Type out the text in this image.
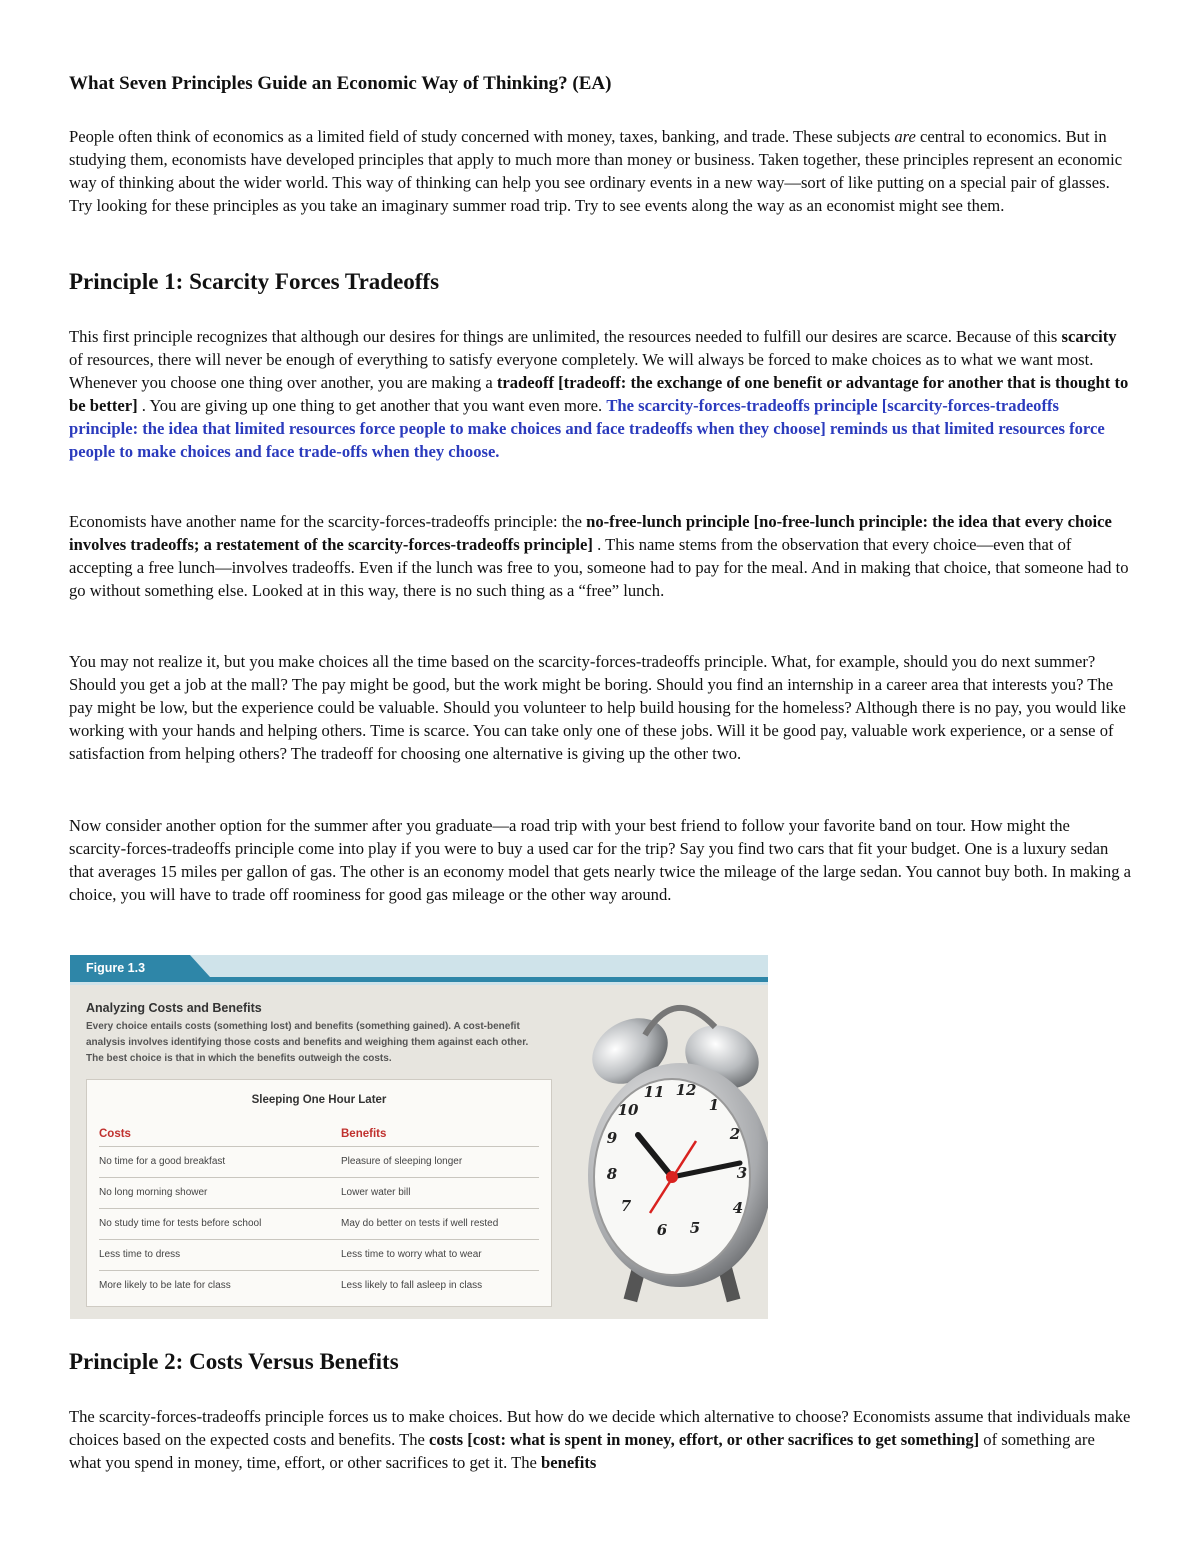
What Seven Principles Guide an Economic Way of Thinking? (EA)

People often think of economics as a limited field of study concerned with money, taxes, banking, and trade. These subjects are central to economics. But in studying them, economists have developed principles that apply to much more than money or business. Taken together, these principles represent an economic way of thinking about the wider world. This way of thinking can help you see ordinary events in a new way—sort of like putting on a special pair of glasses. Try looking for these principles as you take an imaginary summer road trip. Try to see events along the way as an economist might see them.

Principle 1: Scarcity Forces Tradeoffs

This first principle recognizes that although our desires for things are unlimited, the resources needed to fulfill our desires are scarce. Because of this scarcity of resources, there will never be enough of everything to satisfy everyone completely. We will always be forced to make choices as to what we want most. Whenever you choose one thing over another, you are making a tradeoff [tradeoff: the exchange of one benefit or advantage for another that is thought to be better] . You are giving up one thing to get another that you want even more. The scarcity-forces-tradeoffs principle [scarcity-forces-tradeoffs principle: the idea that limited resources force people to make choices and face tradeoffs when they choose] reminds us that limited resources force people to make choices and face trade-offs when they choose.

Economists have another name for the scarcity-forces-tradeoffs principle: the no-free-lunch principle [no-free-lunch principle: the idea that every choice involves tradeoffs; a restatement of the scarcity-forces-tradeoffs principle] . This name stems from the observation that every choice—even that of accepting a free lunch—involves tradeoffs. Even if the lunch was free to you, someone had to pay for the meal. And in making that choice, that someone had to go without something else. Looked at in this way, there is no such thing as a “free” lunch.

You may not realize it, but you make choices all the time based on the scarcity-forces-tradeoffs principle. What, for example, should you do next summer? Should you get a job at the mall? The pay might be good, but the work might be boring. Should you find an internship in a career area that interests you? The pay might be low, but the experience could be valuable. Should you volunteer to help build housing for the homeless? Although there is no pay, you would like working with your hands and helping others. Time is scarce. You can take only one of these jobs. Will it be good pay, valuable work experience, or a sense of satisfaction from helping others? The tradeoff for choosing one alternative is giving up the other two.

Now consider another option for the summer after you graduate—a road trip with your best friend to follow your favorite band on tour. How might the scarcity-forces-tradeoffs principle come into play if you were to buy a used car for the trip? Say you find two cars that fit your budget. One is a luxury sedan that averages 15 miles per gallon of gas. The other is an economy model that gets nearly twice the mileage of the large sedan. You cannot buy both. In making a choice, you will have to trade off roominess for good gas mileage or the other way around.

Figure 1.3
Analyzing Costs and Benefits
Every choice entails costs (something lost) and benefits (something gained). A cost-benefit analysis involves identifying those costs and benefits and weighing them against each other. The best choice is that in which the benefits outweigh the costs.
Sleeping One Hour Later
Costs	Benefits
No time for a good breakfast	Pleasure of sleeping longer
No long morning shower	Lower water bill
No study time for tests before school	May do better on tests if well rested
Less time to dress	Less time to worry what to wear
More likely to be late for class	Less likely to fall asleep in class
11 12
1
10
2
9
3
8
4
7
6 5
Principle 2: Costs Versus Benefits

The scarcity-forces-tradeoffs principle forces us to make choices. But how do we decide which alternative to choose? Economists assume that individuals make choices based on the expected costs and benefits. The costs [cost: what is spent in money, effort, or other sacrifices to get something] of something are what you spend in money, time, effort, or other sacrifices to get it. The benefits
